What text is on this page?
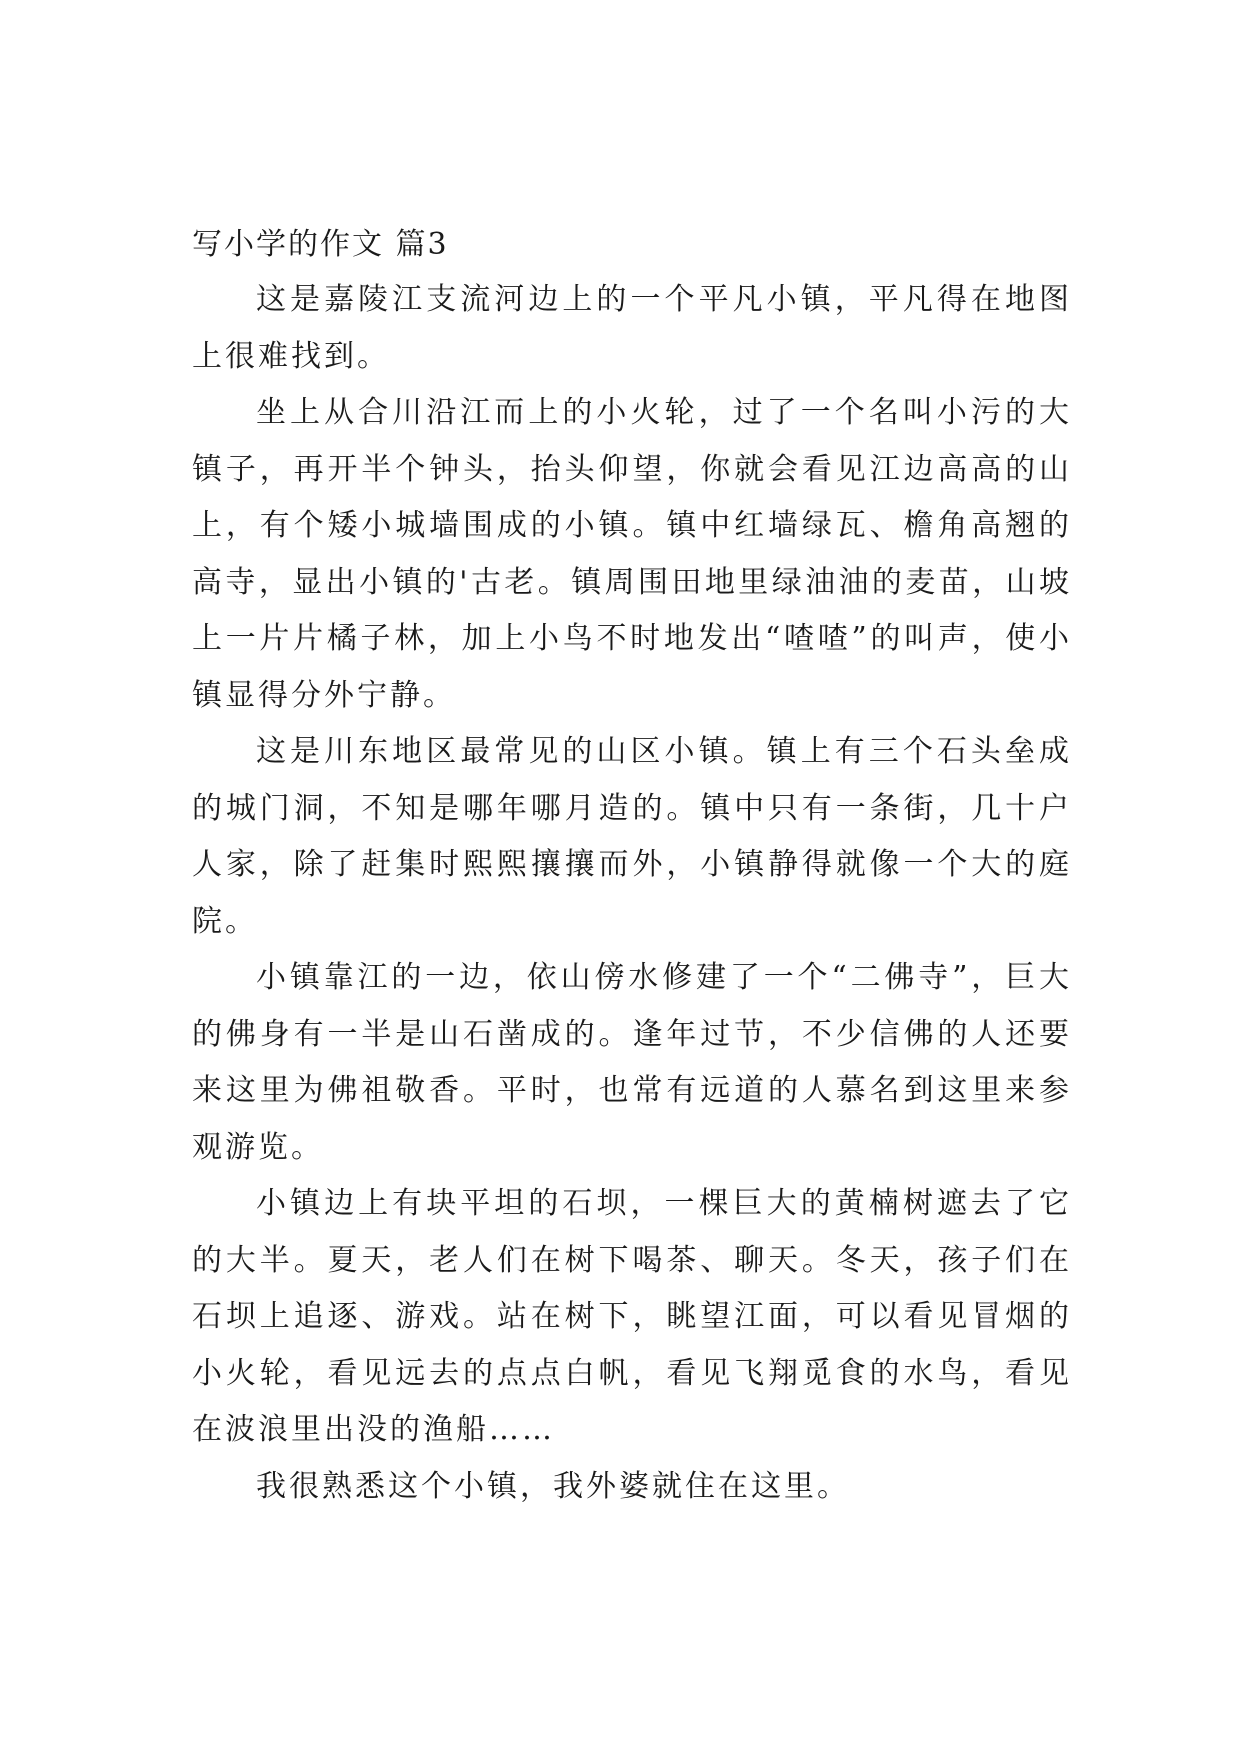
写小学的作文 篇3

这是嘉陵江支流河边上的一个平凡小镇，平凡得在地图上很难找到。

坐上从合川沿江而上的小火轮，过了一个名叫小污的大镇子，再开半个钟头，抬头仰望，你就会看见江边高高的山上，有个矮小城墙围成的小镇。镇中红墙绿瓦、檐角高翘的高寺，显出小镇的'古老。镇周围田地里绿油油的麦苗，山坡上一片片橘子林，加上小鸟不时地发出“喳喳”的叫声，使小镇显得分外宁静。

这是川东地区最常见的山区小镇。镇上有三个石头垒成的城门洞，不知是哪年哪月造的。镇中只有一条街，几十户人家，除了赶集时熙熙攘攘而外，小镇静得就像一个大的庭院。

小镇靠江的一边，依山傍水修建了一个“二佛寺”，巨大的佛身有一半是山石凿成的。逢年过节，不少信佛的人还要来这里为佛祖敬香。平时，也常有远道的人慕名到这里来参观游览。

小镇边上有块平坦的石坝，一棵巨大的黄楠树遮去了它的大半。夏天，老人们在树下喝茶、聊天。冬天，孩子们在石坝上追逐、游戏。站在树下，眺望江面，可以看见冒烟的小火轮，看见远去的点点白帆，看见飞翔觅食的水鸟，看见在波浪里出没的渔船……

我很熟悉这个小镇，我外婆就住在这里。
